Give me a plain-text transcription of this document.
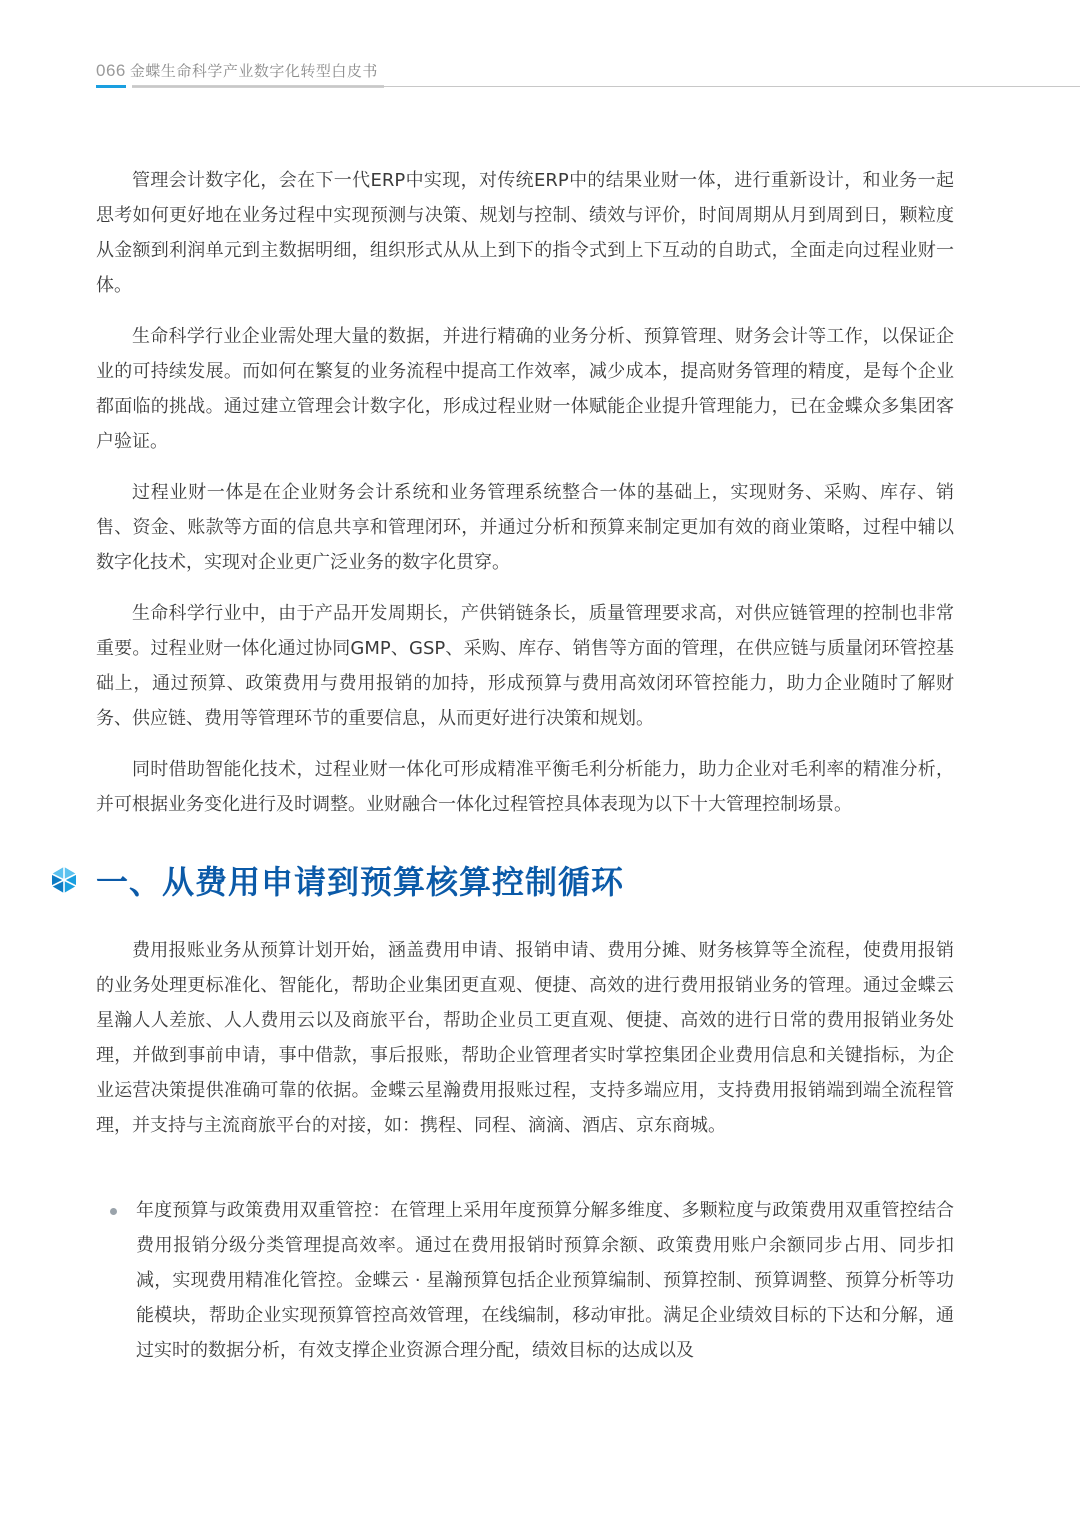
066 金蝶生命科学产业数字化转型白皮书

管理会计数字化，会在下一代ERP中实现，对传统ERP中的结果业财一体，进行重新设计，和业务一起思考如何更好地在业务过程中实现预测与决策、规划与控制、绩效与评价，时间周期从月到周到日，颗粒度从金额到利润单元到主数据明细，组织形式从从上到下的指令式到上下互动的自助式，全面走向过程业财一体。

生命科学行业企业需处理大量的数据，并进行精确的业务分析、预算管理、财务会计等工作，以保证企业的可持续发展。而如何在繁复的业务流程中提高工作效率，减少成本，提高财务管理的精度，是每个企业都面临的挑战。通过建立管理会计数字化，形成过程业财一体赋能企业提升管理能力，已在金蝶众多集团客户验证。

过程业财一体是在企业财务会计系统和业务管理系统整合一体的基础上，实现财务、采购、库存、销售、资金、账款等方面的信息共享和管理闭环，并通过分析和预算来制定更加有效的商业策略，过程中辅以数字化技术，实现对企业更广泛业务的数字化贯穿。

生命科学行业中，由于产品开发周期长，产供销链条长，质量管理要求高，对供应链管理的控制也非常重要。过程业财一体化通过协同GMP、GSP、采购、库存、销售等方面的管理，在供应链与质量闭环管控基础上，通过预算、政策费用与费用报销的加持，形成预算与费用高效闭环管控能力，助力企业随时了解财务、供应链、费用等管理环节的重要信息，从而更好进行决策和规划。

同时借助智能化技术，过程业财一体化可形成精准平衡毛利分析能力，助力企业对毛利率的精准分析，并可根据业务变化进行及时调整。业财融合一体化过程管控具体表现为以下十大管理控制场景。

一、从费用申请到预算核算控制循环

费用报账业务从预算计划开始，涵盖费用申请、报销申请、费用分摊、财务核算等全流程，使费用报销的业务处理更标准化、智能化，帮助企业集团更直观、便捷、高效的进行费用报销业务的管理。通过金蝶云星瀚人人差旅、人人费用云以及商旅平台，帮助企业员工更直观、便捷、高效的进行日常的费用报销业务处理，并做到事前申请，事中借款，事后报账，帮助企业管理者实时掌控集团企业费用信息和关键指标，为企业运营决策提供准确可靠的依据。金蝶云星瀚费用报账过程，支持多端应用，支持费用报销端到端全流程管理，并支持与主流商旅平台的对接，如：携程、同程、滴滴、酒店、京东商城。

年度预算与政策费用双重管控：在管理上采用年度预算分解多维度、多颗粒度与政策费用双重管控结合费用报销分级分类管理提高效率。通过在费用报销时预算余额、政策费用账户余额同步占用、同步扣减，实现费用精准化管控。金蝶云 · 星瀚预算包括企业预算编制、预算控制、预算调整、预算分析等功能模块，帮助企业实现预算管控高效管理，在线编制，移动审批。满足企业绩效目标的下达和分解，通过实时的数据分析，有效支撑企业资源合理分配，绩效目标的达成以及
